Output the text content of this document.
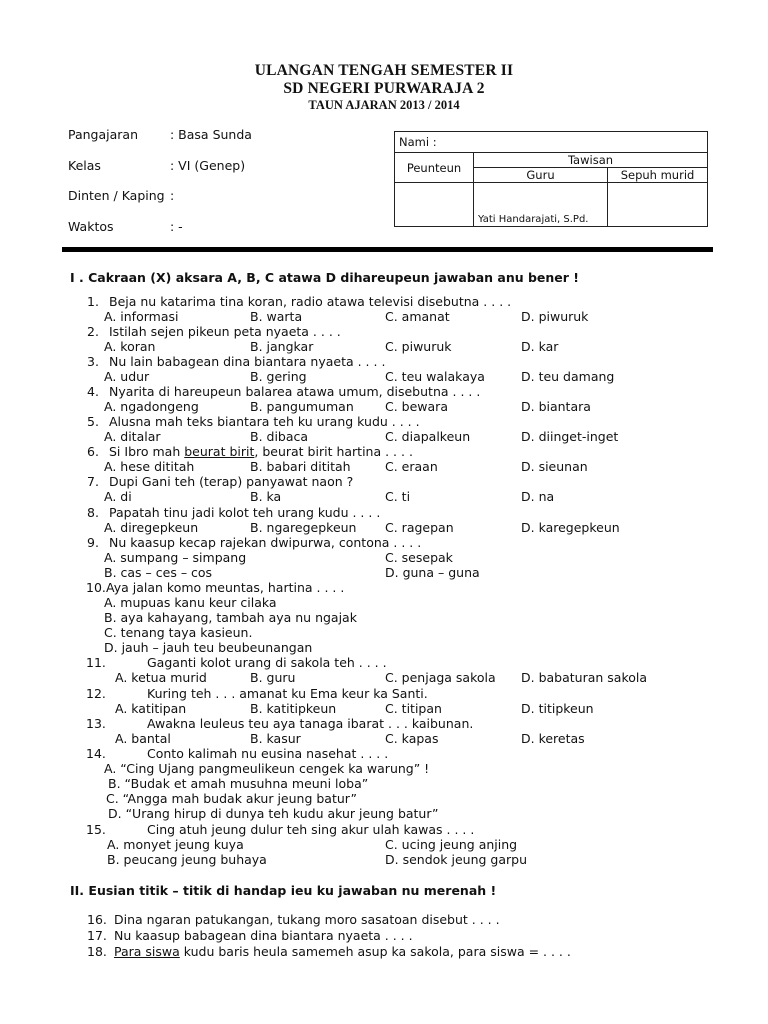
ULANGAN TENGAH SEMESTER II
SD NEGERI PURWARAJA 2
TAUN AJARAN 2013 / 2014
Pangajaran	: Basa Sunda
Kelas	: VI (Genep)
Dinten / Kaping :
Waktos	: -
Nami :		
Peunteun	Tawisan	
	Guru	Sepuh murid
	Yati Handarajati, S.Pd.	
I . Cakraan (X) aksara A, B, C atawa D dihareupeun jawaban anu bener !
1. Beja nu katarima tina koran, radio atawa televisi disebutna . . . .
A. informasi	B. warta	C. amanat	D. piwuruk
2. Istilah sejen pikeun peta nyaeta . . . .
A. koran	B. jangkar	C. piwuruk	D. kar
3. Nu lain babagean dina biantara nyaeta . . . .
A. udur	B. gering	C. teu walakaya	D. teu damang
4. Nyarita di hareupeun balarea atawa umum, disebutna . . . .
A. ngadongeng	B. pangumuman C. bewara	D. biantara
5. Alusna mah teks biantara teh ku urang kudu . . . .
A. ditalar	B. dibaca	C. diapalkeun	D. diinget-inget
6. Si Ibro mah beurat birit, beurat birit hartina . . . .
A. hese dititah	B. babari dititah	C. eraan	D. sieunan
7. Dupi Gani teh (terap) panyawat naon ?
A. di	B. ka	C. ti	D. na
8. Papatah tinu jadi kolot teh urang kudu . . . .
A. diregepkeun	B. ngaregepkeun C. ragepan	D. karegepkeun
9. Nu kaasup kecap rajekan dwipurwa, contona . . . .
A. sumpang – simpang	C. sesepak
B. cas – ces – cos	D. guna – guna
10. Aya jalan komo meuntas, hartina . . . .
A. mupuas kanu keur cilaka
B. aya kahayang, tambah aya nu ngajak
C. tenang taya kasieun.
D. jauh – jauh teu beubeunangan
11.	Gaganti kolot urang di sakola teh . . . .
A. ketua murid	B. guru	C. penjaga sakola D. babaturan sakola
12.	Kuring teh . . . amanat ku Ema keur ka Santi.
A. katitipan	B. katitipkeun	C. titipan	D. titipkeun
13.	Awakna leuleus teu aya tanaga ibarat . . . kaibunan.
A. bantal	B. kasur	C. kapas	D. keretas
14.	Conto kalimah nu eusina nasehat . . . .
A. “Cing Ujang pangmeulikeun cengek ka warung” !
B. “Budak et amah musuhna meuni loba”
C. “Angga mah budak akur jeung batur”
D. “Urang hirup di dunya teh kudu akur jeung batur”
15.	Cing atuh jeung dulur teh sing akur ulah kawas . . . .
A. monyet jeung kuya	C. ucing jeung anjing
B. peucang jeung buhaya	D. sendok jeung garpu
II. Eusian titik – titik di handap ieu ku jawaban nu merenah !
16. Dina ngaran patukangan, tukang moro sasatoan disebut . . . .
17. Nu kaasup babagean dina biantara nyaeta . . . .
18. Para siswa kudu baris heula samemeh asup ka sakola, para siswa = . . . .
